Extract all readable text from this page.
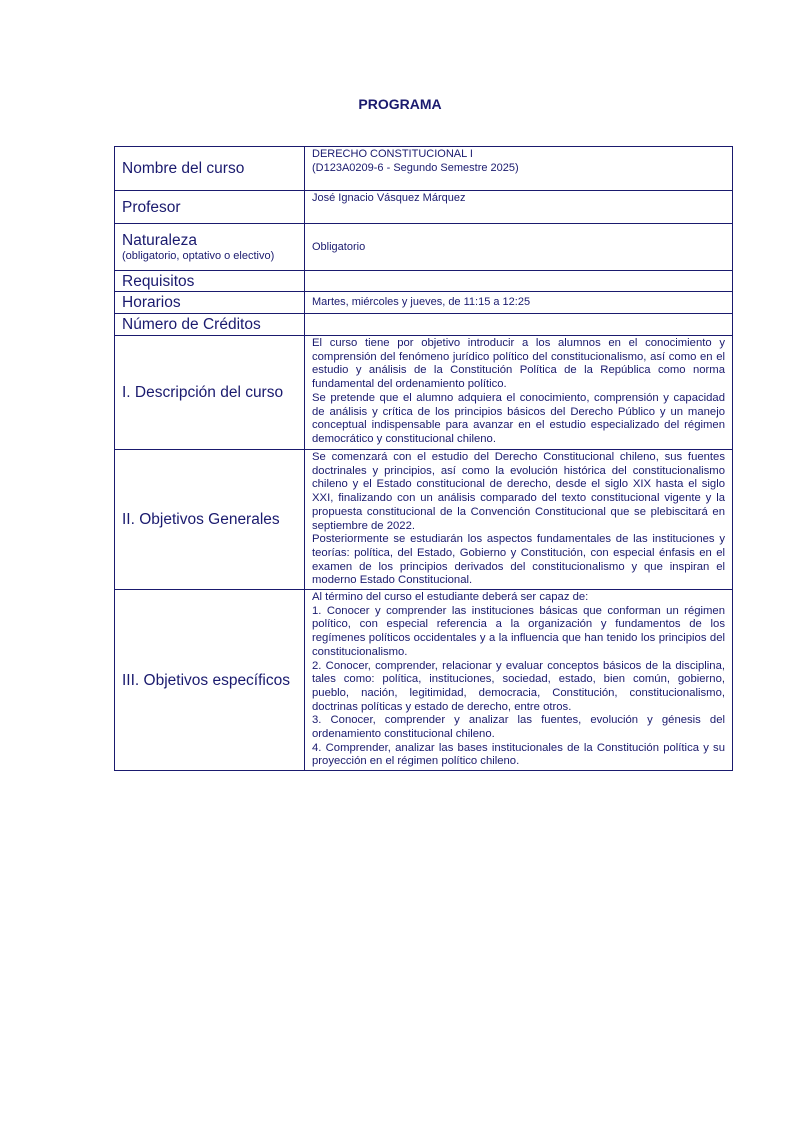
PROGRAMA
Nombre del curso	DERECHO CONSTITUCIONAL I
(D123A0209-6 - Segundo Semestre 2025)

Profesor	José Ignacio Vásquez Márquez
Naturaleza
(obligatorio, optativo o electivo)	Obligatorio
Requisitos	
Horarios	Martes, miércoles y jueves, de 11:15 a 12:25
Número de Créditos	
I. Descripción del curso	El curso tiene por objetivo introducir a los alumnos en el conocimiento y comprensión del fenómeno jurídico político del constitucionalismo, así como en el estudio y análisis de la Constitución Política de la República como norma fundamental del ordenamiento político.

Se pretende que el alumno adquiera el conocimiento, comprensión y capacidad de análisis y crítica de los principios básicos del Derecho Público y un manejo conceptual indispensable para avanzar en el estudio especializado del régimen democrático y constitucional chileno.

II. Objetivos Generales	Se comenzará con el estudio del Derecho Constitucional chileno, sus fuentes doctrinales y principios, así como la evolución histórica del constitucionalismo chileno y el Estado constitucional de derecho, desde el siglo XIX hasta el siglo XXI, finalizando con un análisis comparado del texto constitucional vigente y la propuesta constitucional de la Convención Constitucional que se plebiscitará en septiembre de 2022.

Posteriormente se estudiarán los aspectos fundamentales de las instituciones y teorías: política, del Estado, Gobierno y Constitución, con especial énfasis en el examen de los principios derivados del constitucionalismo y que inspiran el moderno Estado Constitucional.

III. Objetivos específicos	Al término del curso el estudiante deberá ser capaz de:

1. Conocer y comprender las instituciones básicas que conforman un régimen político, con especial referencia a la organización y fundamentos de los regímenes políticos occidentales y a la influencia que han tenido los principios del constitucionalismo.

2. Conocer, comprender, relacionar y evaluar conceptos básicos de la disciplina, tales como: política, instituciones, sociedad, estado, bien común, gobierno, pueblo, nación, legitimidad, democracia, Constitución, constitucionalismo, doctrinas políticas y estado de derecho, entre otros.

3. Conocer, comprender y analizar las fuentes, evolución y génesis del ordenamiento constitucional chileno.

4. Comprender, analizar las bases institucionales de la Constitución política y su proyección en el régimen político chileno.
